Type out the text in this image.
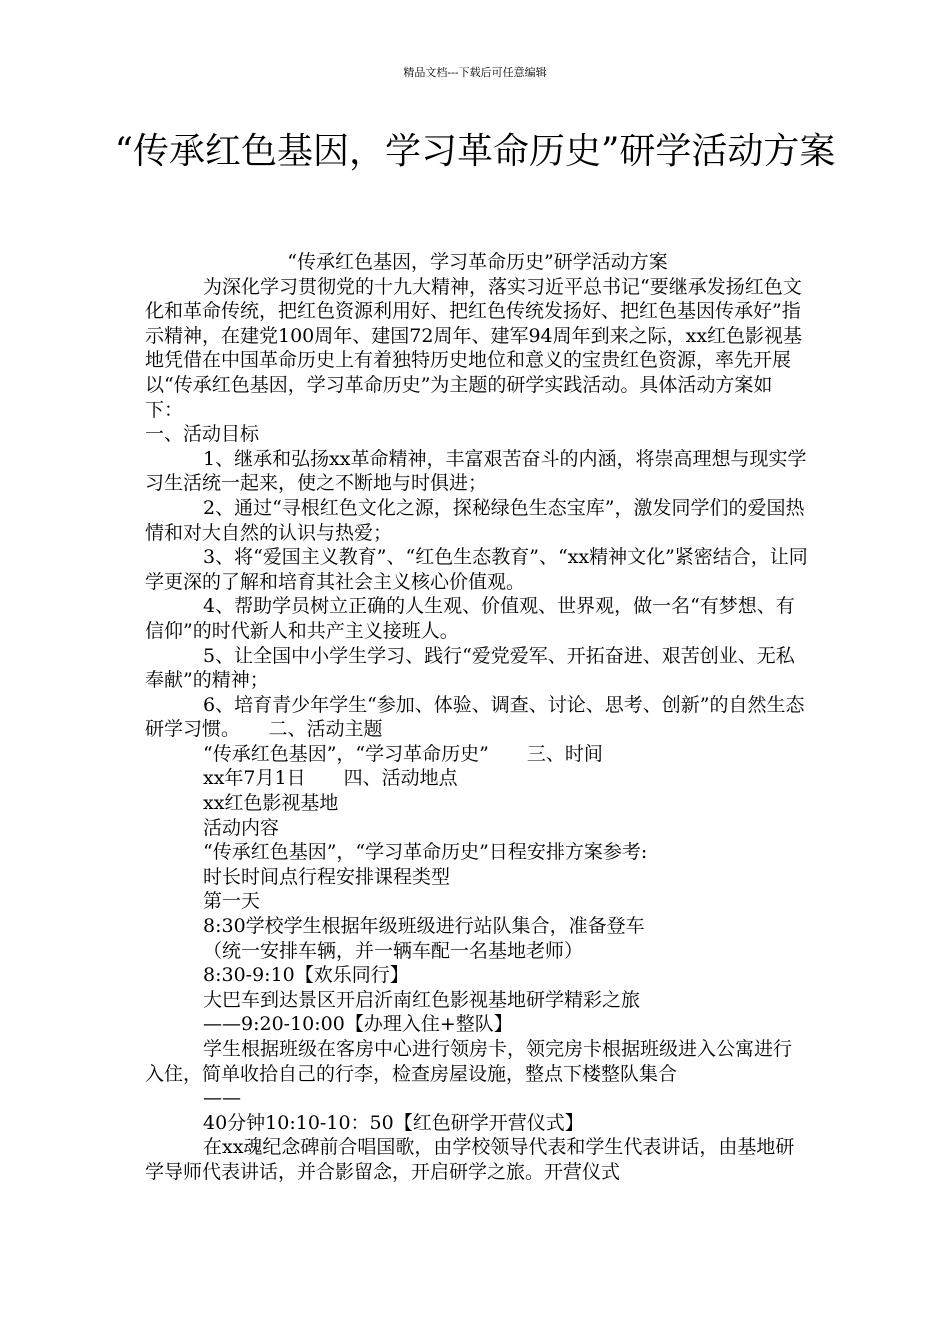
精品文档---下载后可任意编辑
“传承红色基因，学习革命历史”研学活动方案

“传承红色基因，学习革命历史”研学活动方案

为深化学习贯彻党的十九大精神，落实习近平总书记“要继承发扬红色文化和革命传统，把红色资源利用好、把红色传统发扬好、把红色基因传承好”指示精神，在建党100周年、建国72周年、建军94周年到来之际，xx红色影视基地凭借在中国革命历史上有着独特历史地位和意义的宝贵红色资源，率先开展以“传承红色基因，学习革命历史”为主题的研学实践活动。具体活动方案如下：

一、活动目标

1、继承和弘扬xx革命精神，丰富艰苦奋斗的内涵，将崇高理想与现实学习生活统一起来，使之不断地与时俱进；

2、通过“寻根红色文化之源，探秘绿色生态宝库”，激发同学们的爱国热情和对大自然的认识与热爱；

3、将“爱国主义教育”、“红色生态教育”、“xx精神文化”紧密结合，让同学更深的了解和培育其社会主义核心价值观。

4、帮助学员树立正确的人生观、价值观、世界观，做一名“有梦想、有信仰”的时代新人和共产主义接班人。

5、让全国中小学生学习、践行“爱党爱军、开拓奋进、艰苦创业、无私奉献”的精神；

6、培育青少年学生“参加、体验、调查、讨论、思考、创新”的自然生态研学习惯。　　二、活动主题

“传承红色基因”，“学习革命历史”　　三、时间

xx年7月1日　　四、活动地点

xx红色影视基地

活动内容

“传承红色基因”，“学习革命历史”日程安排方案参考:

时长时间点行程安排课程类型

第一天

8:30学校学生根据年级班级进行站队集合，准备登车

（统一安排车辆，并一辆车配一名基地老师）

8:30-9:10【欢乐同行】

大巴车到达景区开启沂南红色影视基地研学精彩之旅

——9:20-10:00【办理入住+整队】

学生根据班级在客房中心进行领房卡，领完房卡根据班级进入公寓进行入住，简单收拾自己的行李，检查房屋设施，整点下楼整队集合

——

40分钟10:10-10：50【红色研学开营仪式】

在xx魂纪念碑前合唱国歌，由学校领导代表和学生代表讲话，由基地研学导师代表讲话，并合影留念，开启研学之旅。开营仪式
